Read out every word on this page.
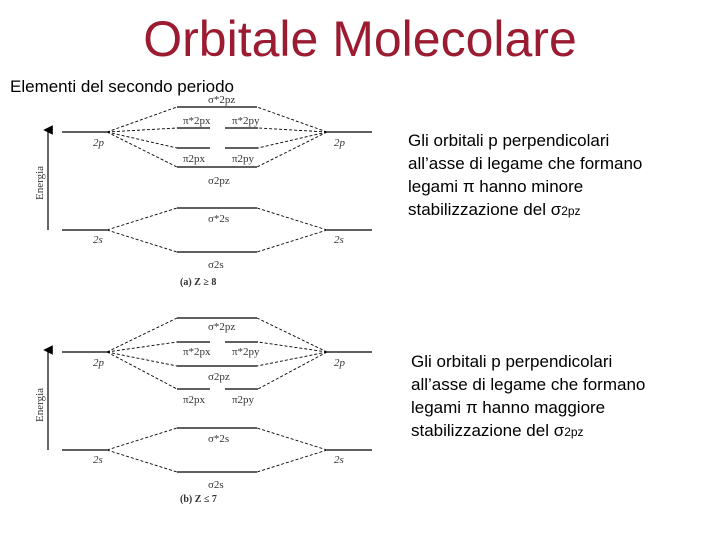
Orbitale Molecolare
Elementi del secondo periodo
Gli orbitali p perpendicolari
all’asse di legame che formano
legami π hanno minore
stabilizzazione del σ2pz
Gli orbitali p perpendicolari
all’asse di legame che formano
legami π hanno maggiore
stabilizzazione del σ2pz
Energia
2p	2p
σ*2pz
π*2px π*2py
π2px π2py
σ2pz
σ*2s
σ2s
2s	2s
(a) Z ≥ 8
Energia
2p	2p
σ*2pz
π*2px π*2py
σ2pz
π2px π2py
σ*2s
σ2s
2s	2s
(b) Z ≤ 7
